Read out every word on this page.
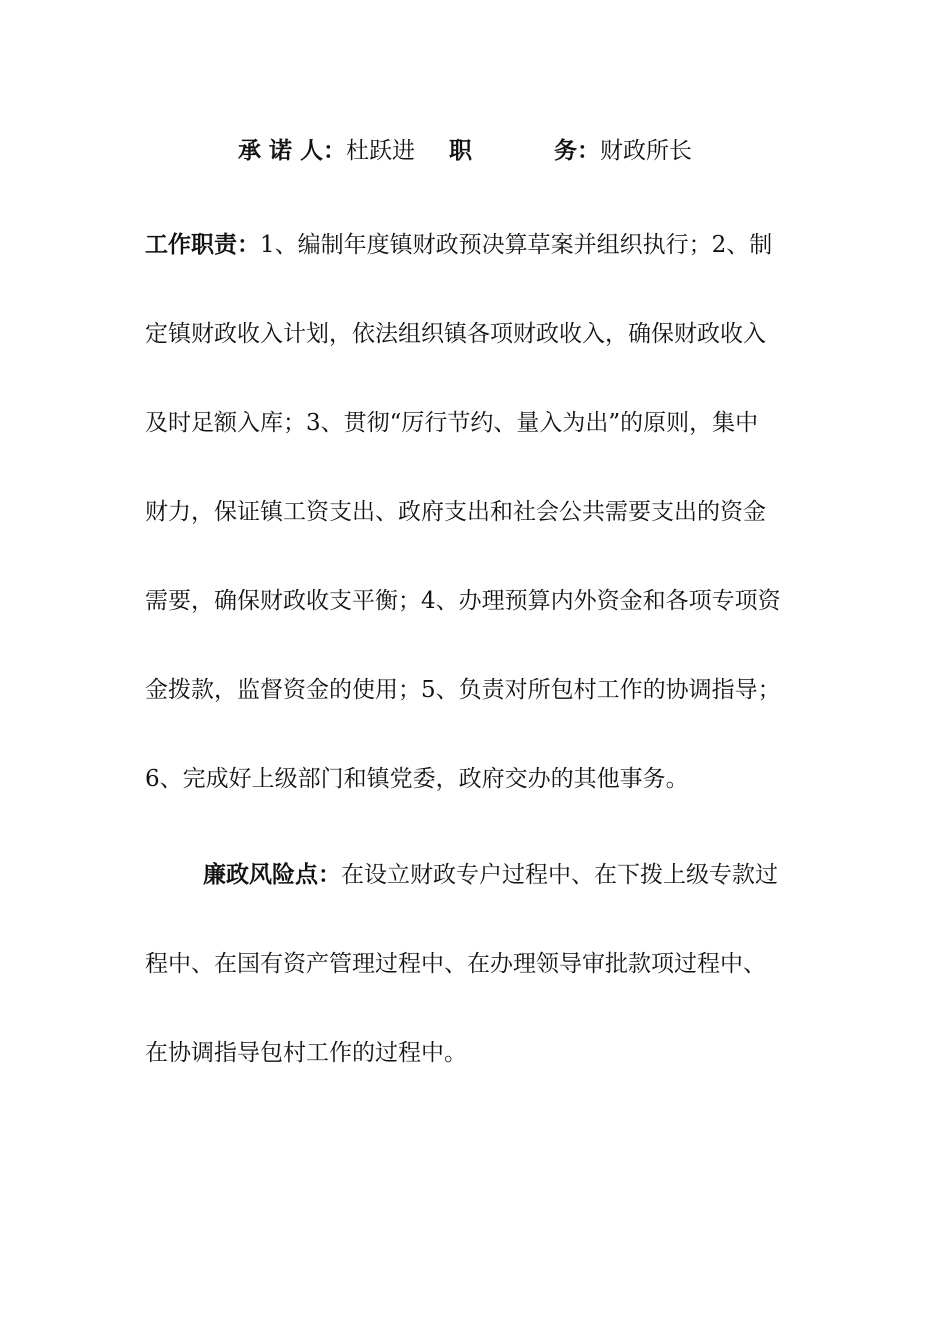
承 诺 人：杜跃进 职	务：财政所长
工作职责：1、编制年度镇财政预决算草案并组织执行；2、制
定镇财政收入计划，依法组织镇各项财政收入，确保财政收入
及时足额入库；3、贯彻“厉行节约、量入为出”的原则，集中
财力，保证镇工资支出、政府支出和社会公共需要支出的资金
需要，确保财政收支平衡；4、办理预算内外资金和各项专项资
金拨款，监督资金的使用；5、负责对所包村工作的协调指导；
6、完成好上级部门和镇党委，政府交办的其他事务。
廉政风险点：在设立财政专户过程中、在下拨上级专款过
程中、在国有资产管理过程中、在办理领导审批款项过程中、
在协调指导包村工作的过程中。
